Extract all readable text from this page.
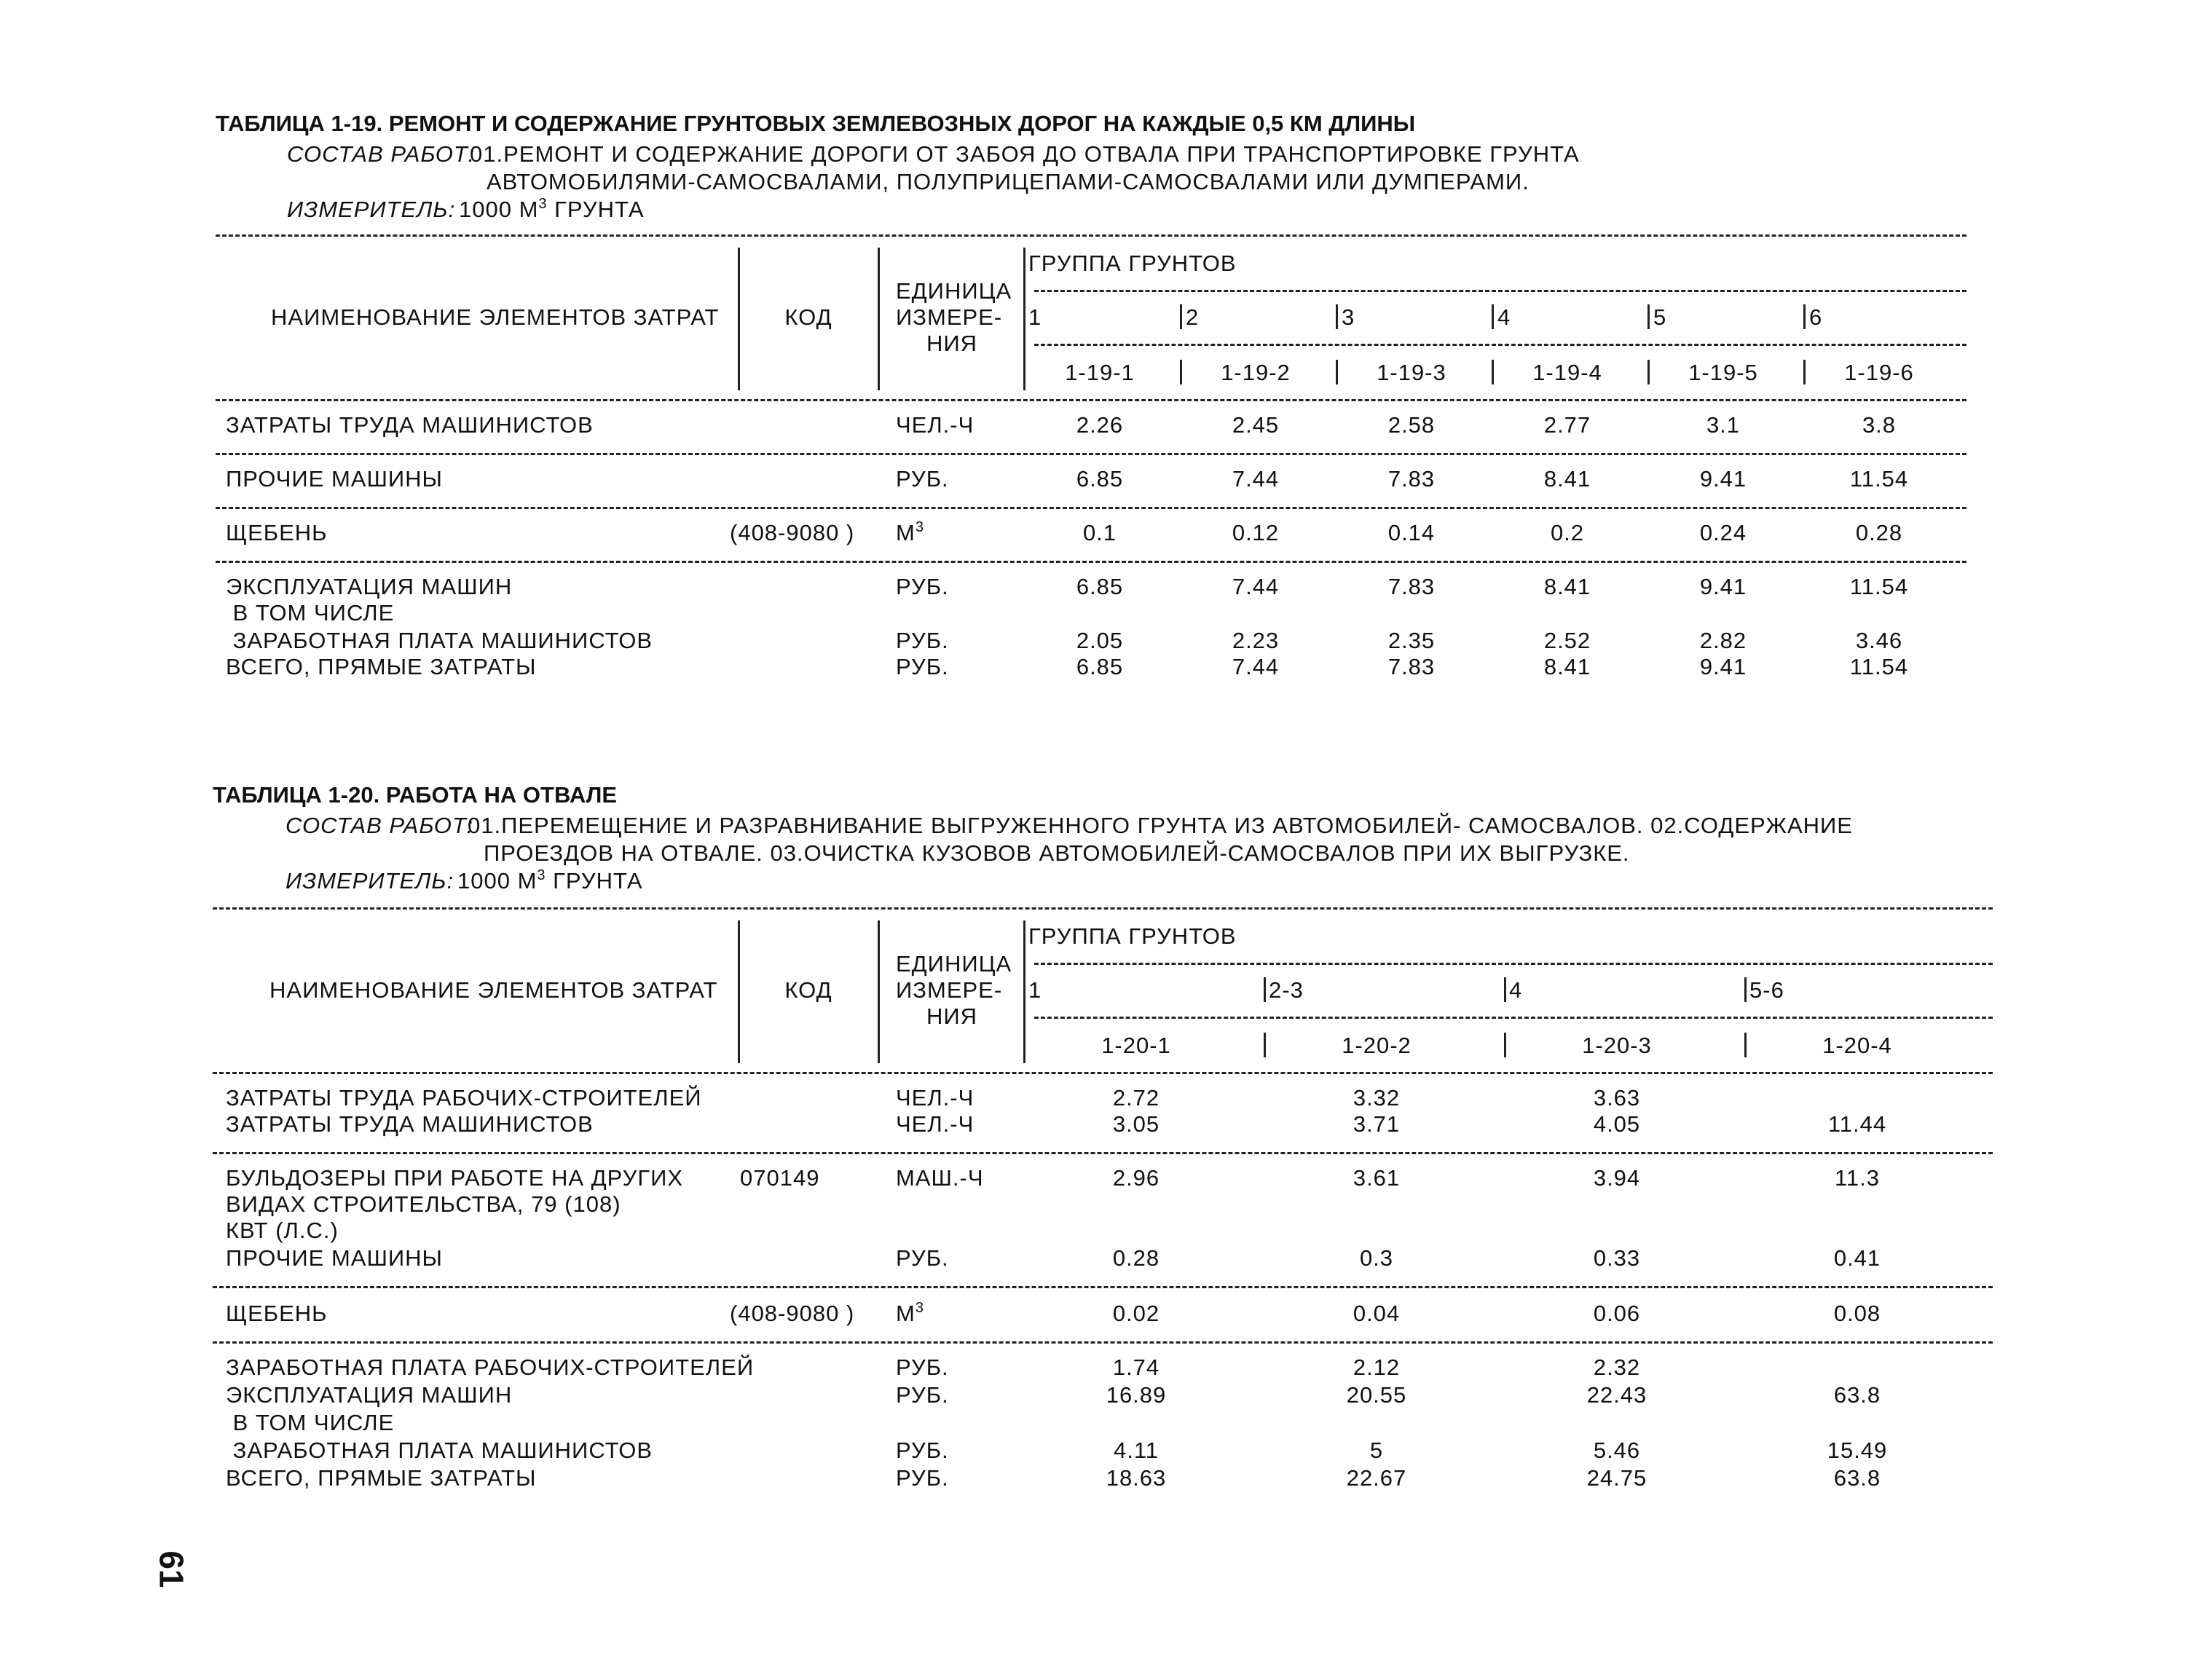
ТАБЛИЦА 1-19. РЕМОНТ И СОДЕРЖАНИЕ ГРУНТОВЫХ ЗЕМЛЕВОЗНЫХ ДОРОГ НА КАЖДЫЕ 0,5 КМ ДЛИНЫ
СОСТАВ РАБОТ:
01.РЕМОНТ И СОДЕРЖАНИЕ ДОРОГИ ОТ ЗАБОЯ ДО ОТВАЛА ПРИ ТРАНСПОРТИРОВКЕ ГРУНТА
АВТОМОБИЛЯМИ-САМОСВАЛАМИ, ПОЛУПРИЦЕПАМИ-САМОСВАЛАМИ ИЛИ ДУМПЕРАМИ.
ИЗМЕРИТЕЛЬ: 1000 $М^3$ ГРУНТА
НАИМЕНОВАНИЕ ЭЛЕМЕНТОВ ЗАТРАТ	КОД
ЕДИНИЦА
ИЗМЕРЕ-
НИЯ
ГРУППА ГРУНТОВ
1	2	3	4	5	6
1-19-1	1-19-2	1-19-3	1-19-4	1-19-5	1-19-6
ЗАТРАТЫ ТРУДА МАШИНИСТОВ	ЧЕЛ.-Ч	2.26	2.45	2.58	2.77	3.1	3.8
ПРОЧИЕ МАШИНЫ	РУБ.	6.85	7.44	7.83	8.41	9.41	11.54
ЩЕБЕНЬ	(408-9080 ) $М^3$	0.1	0.12	0.14	0.2	0.24	0.28
ЭКСПЛУАТАЦИЯ МАШИН	РУБ.	6.85	7.44	7.83	8.41	9.41	11.54
В ТОМ ЧИСЛЕ
ЗАРАБОТНАЯ ПЛАТА МАШИНИСТОВ	РУБ.	2.05	2.23	2.35	2.52	2.82	3.46
ВСЕГО, ПРЯМЫЕ ЗАТРАТЫ	РУБ.	6.85	7.44	7.83	8.41	9.41	11.54
ТАБЛИЦА 1-20. РАБОТА НА ОТВАЛЕ
СОСТАВ РАБОТ:
01.ПЕРЕМЕЩЕНИЕ И РАЗРАВНИВАНИЕ ВЫГРУЖЕННОГО ГРУНТА ИЗ АВТОМОБИЛЕЙ- САМОСВАЛОВ. 02.СОДЕРЖАНИЕ
ПРОЕЗДОВ НА ОТВАЛЕ. 03.ОЧИСТКА КУЗОВОВ АВТОМОБИЛЕЙ-САМОСВАЛОВ ПРИ ИХ ВЫГРУЗКЕ.
ИЗМЕРИТЕЛЬ: 1000 $М^3$ ГРУНТА
НАИМЕНОВАНИЕ ЭЛЕМЕНТОВ ЗАТРАТ	КОД
ЕДИНИЦА
ИЗМЕРЕ-
НИЯ
ГРУППА ГРУНТОВ
1	2-3	4	5-6
1-20-1	1-20-2	1-20-3	1-20-4
ЗАТРАТЫ ТРУДА РАБОЧИХ-СТРОИТЕЛЕЙ	ЧЕЛ.-Ч	2.72	3.32	3.63
ЗАТРАТЫ ТРУДА МАШИНИСТОВ	ЧЕЛ.-Ч	3.05	3.71	4.05	11.44
БУЛЬДОЗЕРЫ ПРИ РАБОТЕ НА ДРУГИХ	070149	МАШ.-Ч	2.96	3.61	3.94	11.3
ВИДАХ СТРОИТЕЛЬСТВА, 79 (108)
КВТ (Л.С.)
ПРОЧИЕ МАШИНЫ	РУБ.	0.28	0.3	0.33	0.41
ЩЕБЕНЬ	(408-9080 ) $М^3$	0.02	0.04	0.06	0.08
ЗАРАБОТНАЯ ПЛАТА РАБОЧИХ-СТРОИТЕЛЕЙ	РУБ.	1.74	2.12	2.32
ЭКСПЛУАТАЦИЯ МАШИН	РУБ.	16.89	20.55	22.43	63.8
В ТОМ ЧИСЛЕ
ЗАРАБОТНАЯ ПЛАТА МАШИНИСТОВ	РУБ.	4.11	5	5.46	15.49
ВСЕГО, ПРЯМЫЕ ЗАТРАТЫ	РУБ.	18.63	22.67	24.75	63.8
61
